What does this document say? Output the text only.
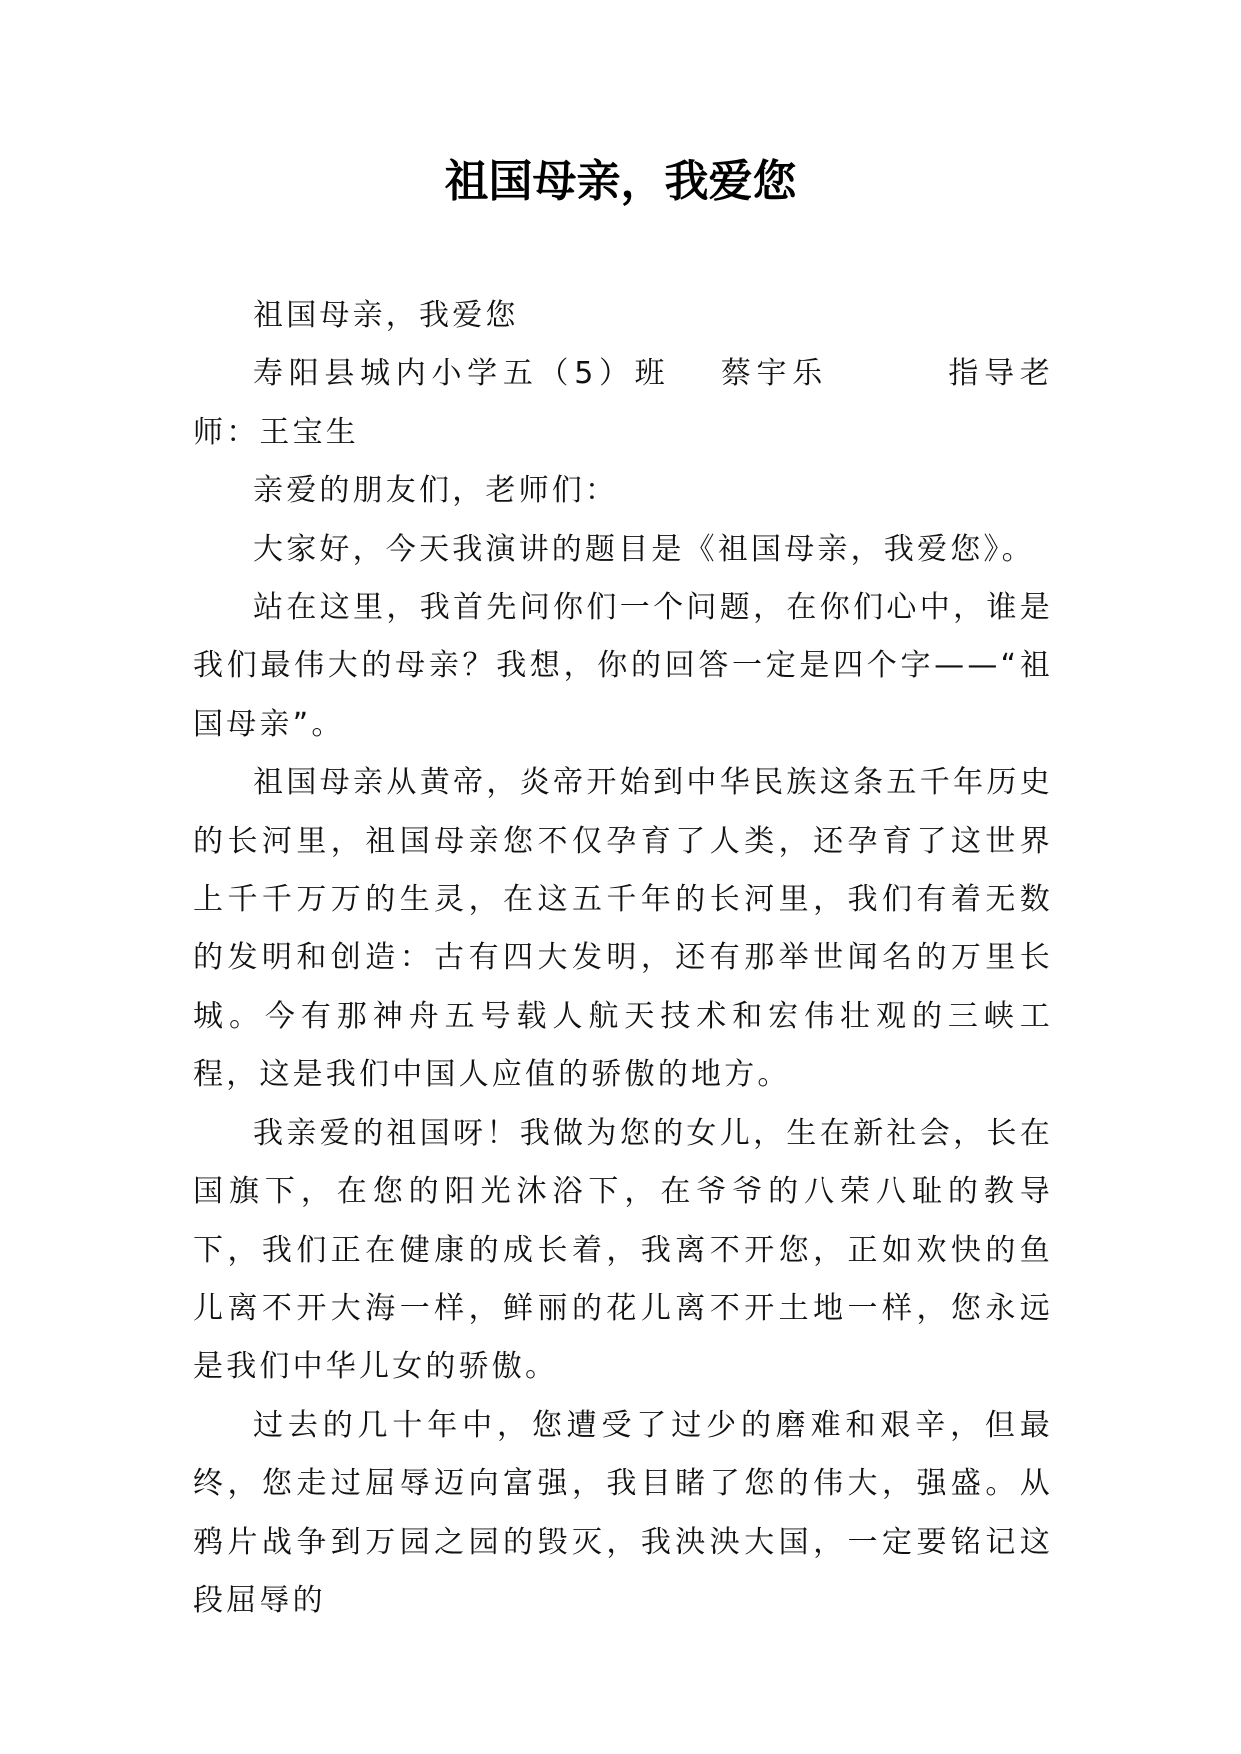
祖国母亲，我爱您

祖国母亲，我爱您

寿阳县城内小学五（5）班 蔡宇乐	指导老师：王宝生

亲爱的朋友们，老师们：

大家好，今天我演讲的题目是《祖国母亲，我爱您》。

站在这里，我首先问你们一个问题，在你们心中，谁是我们最伟大的母亲？我想，你的回答一定是四个字——“祖国母亲”。

祖国母亲从黄帝，炎帝开始到中华民族这条五千年历史的长河里，祖国母亲您不仅孕育了人类，还孕育了这世界上千千万万的生灵，在这五千年的长河里，我们有着无数的发明和创造：古有四大发明，还有那举世闻名的万里长城。今有那神舟五号载人航天技术和宏伟壮观的三峡工程，这是我们中国人应值的骄傲的地方。

我亲爱的祖国呀！我做为您的女儿，生在新社会，长在国旗下，在您的阳光沐浴下，在爷爷的八荣八耻的教导下，我们正在健康的成长着，我离不开您，正如欢快的鱼儿离不开大海一样，鲜丽的花儿离不开土地一样，您永远是我们中华儿女的骄傲。

过去的几十年中，您遭受了过少的磨难和艰辛，但最终，您走过屈辱迈向富强，我目睹了您的伟大，强盛。从鸦片战争到万园之园的毁灭，我泱泱大国，一定要铭记这段屈辱的
